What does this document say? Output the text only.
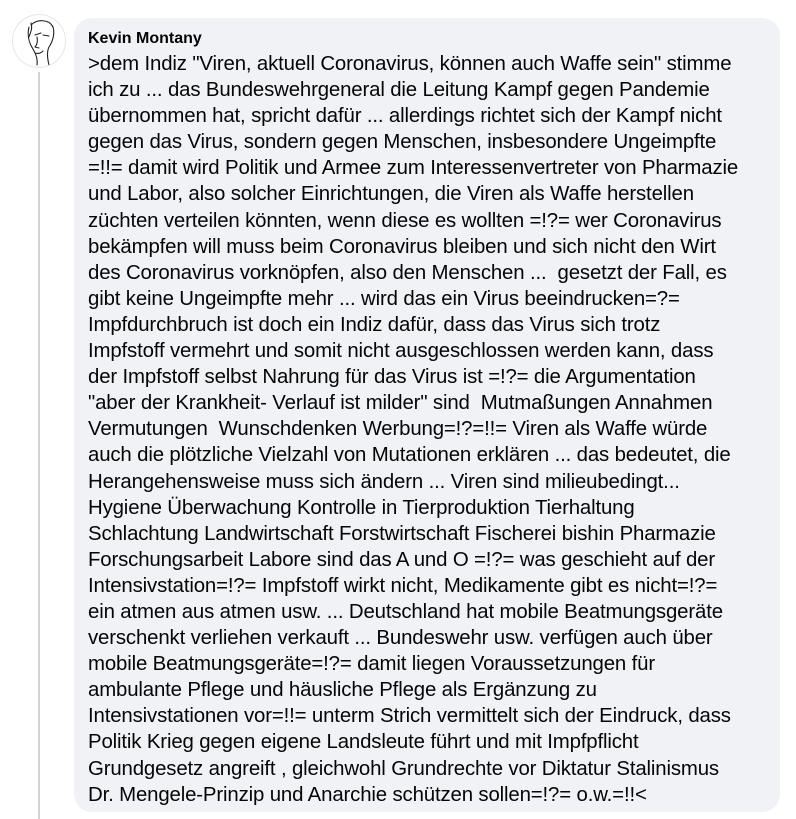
Kevin Montany
>dem Indiz "Viren, aktuell Coronavirus, können auch Waffe sein" stimme
ich zu ... das Bundeswehrgeneral die Leitung Kampf gegen Pandemie
übernommen hat, spricht dafür ... allerdings richtet sich der Kampf nicht
gegen das Virus, sondern gegen Menschen, insbesondere Ungeimpfte
=!!= damit wird Politik und Armee zum Interessenvertreter von Pharmazie
und Labor, also solcher Einrichtungen, die Viren als Waffe herstellen
züchten verteilen könnten, wenn diese es wollten =!?= wer Coronavirus
bekämpfen will muss beim Coronavirus bleiben und sich nicht den Wirt
des Coronavirus vorknöpfen, also den Menschen ...  gesetzt der Fall, es
gibt keine Ungeimpfte mehr ... wird das ein Virus beeindrucken=?=
Impfdurchbruch ist doch ein Indiz dafür, dass das Virus sich trotz
Impfstoff vermehrt und somit nicht ausgeschlossen werden kann, dass
der Impfstoff selbst Nahrung für das Virus ist =!?= die Argumentation
"aber der Krankheit- Verlauf ist milder" sind  Mutmaßungen Annahmen
Vermutungen  Wunschdenken Werbung=!?=!!= Viren als Waffe würde
auch die plötzliche Vielzahl von Mutationen erklären ... das bedeutet, die
Herangehensweise muss sich ändern ... Viren sind milieubedingt...
Hygiene Überwachung Kontrolle in Tierproduktion Tierhaltung
Schlachtung Landwirtschaft Forstwirtschaft Fischerei bishin Pharmazie
Forschungsarbeit Labore sind das A und O =!?= was geschieht auf der
Intensivstation=!?= Impfstoff wirkt nicht, Medikamente gibt es nicht=!?=
ein atmen aus atmen usw. ... Deutschland hat mobile Beatmungsgeräte
verschenkt verliehen verkauft ... Bundeswehr usw. verfügen auch über
mobile Beatmungsgeräte=!?= damit liegen Voraussetzungen für
ambulante Pflege und häusliche Pflege als Ergänzung zu
Intensivstationen vor=!!= unterm Strich vermittelt sich der Eindruck, dass
Politik Krieg gegen eigene Landsleute führt und mit Impfpflicht
Grundgesetz angreift , gleichwohl Grundrechte vor Diktatur Stalinismus
Dr. Mengele-Prinzip und Anarchie schützen sollen=!?= o.w.=!!<
